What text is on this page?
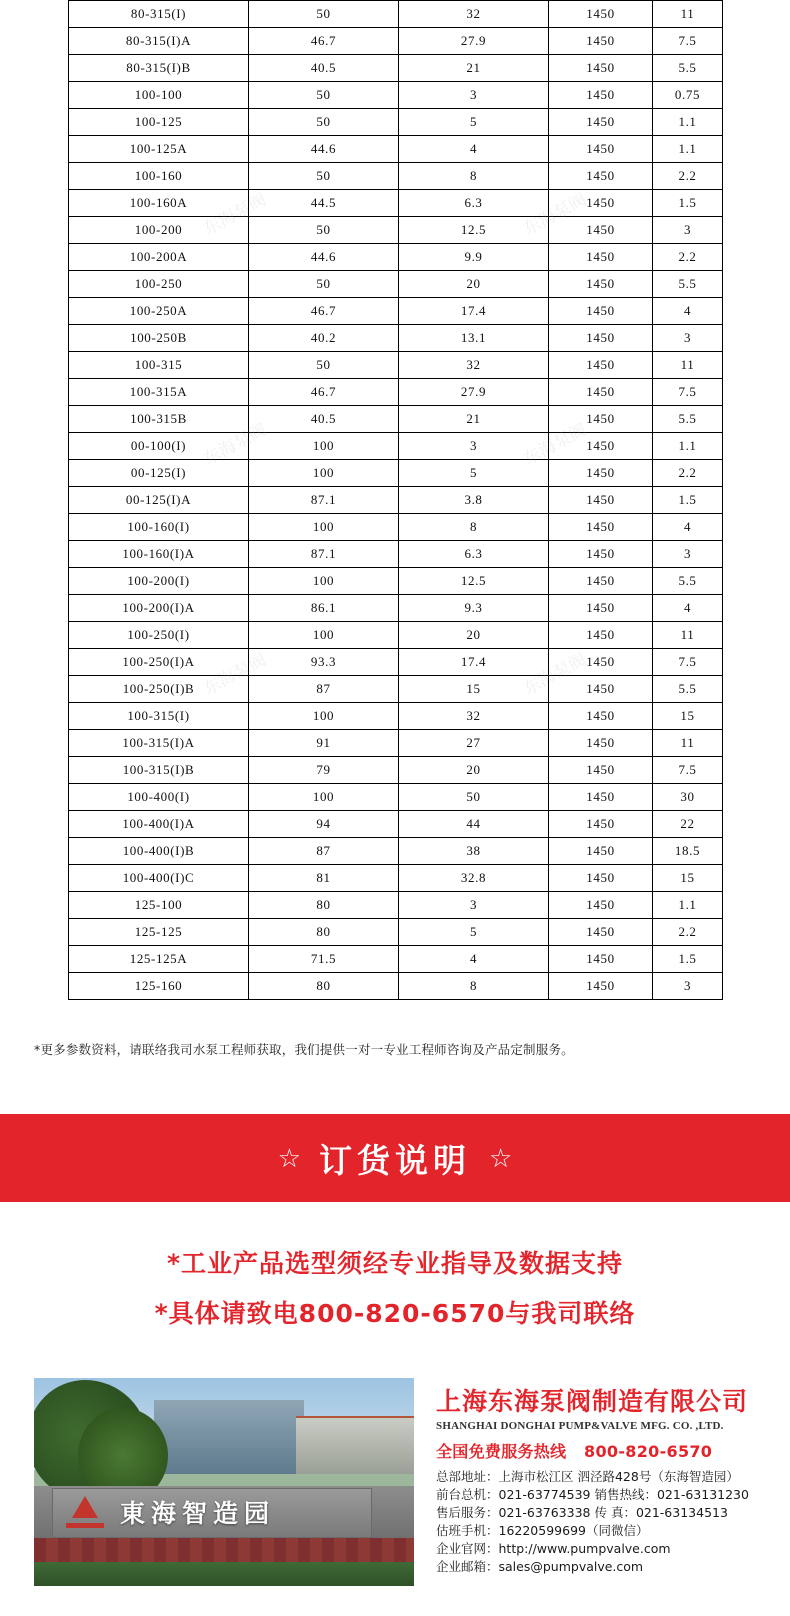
80-315(I)	50	32	1450	11
80-315(I)A	46.7	27.9	1450	7.5
80-315(I)B	40.5	21	1450	5.5
100-100	50	3	1450	0.75
100-125	50	5	1450	1.1
100-125A	44.6	4	1450	1.1
100-160	50	8	1450	2.2
100-160A	44.5	6.3	1450	1.5
100-200	50	12.5	1450	3
100-200A	44.6	9.9	1450	2.2
100-250	50	20	1450	5.5
100-250A	46.7	17.4	1450	4
100-250B	40.2	13.1	1450	3
100-315	50	32	1450	11
100-315A	46.7	27.9	1450	7.5
100-315B	40.5	21	1450	5.5
00-100(I)	100	3	1450	1.1
00-125(I)	100	5	1450	2.2
00-125(I)A	87.1	3.8	1450	1.5
100-160(I)	100	8	1450	4
100-160(I)A	87.1	6.3	1450	3
100-200(I)	100	12.5	1450	5.5
100-200(I)A	86.1	9.3	1450	4
100-250(I)	100	20	1450	11
100-250(I)A	93.3	17.4	1450	7.5
100-250(I)B	87	15	1450	5.5
100-315(I)	100	32	1450	15
100-315(I)A	91	27	1450	11
100-315(I)B	79	20	1450	7.5
100-400(I)	100	50	1450	30
100-400(I)A	94	44	1450	22
100-400(I)B	87	38	1450	18.5
100-400(I)C	81	32.8	1450	15
125-100	80	3	1450	1.1
125-125	80	5	1450	2.2
125-125A	71.5	4	1450	1.5
125-160	80	8	1450	3
*更多参数资料，请联络我司水泵工程师获取，我们提供一对一专业工程师咨询及产品定制服务。
☆ 订货说明 ☆
*工业产品选型须经专业指导及数据支持
*具体请致电800-820-6570与我司联络
東海智造园
上海东海泵阀制造有限公司
SHANGHAI DONGHAI PUMP&VALVE MFG. CO. ,LTD.
全国免费服务热线 800-820-6570
总部地址：上海市松江区 泗泾路428号（东海智造园）
前台总机：021-63774539 销售热线：021-63131230
售后服务：021-63763338 传 真：021-63134513
估班手机：16220599699（同微信）
企业官网：http://www.pumpvalve.com
企业邮箱：sales@pumpvalve.com
东海泵阀	东海泵阀
东海泵阀	东海泵阀
东海泵阀	东海泵阀
